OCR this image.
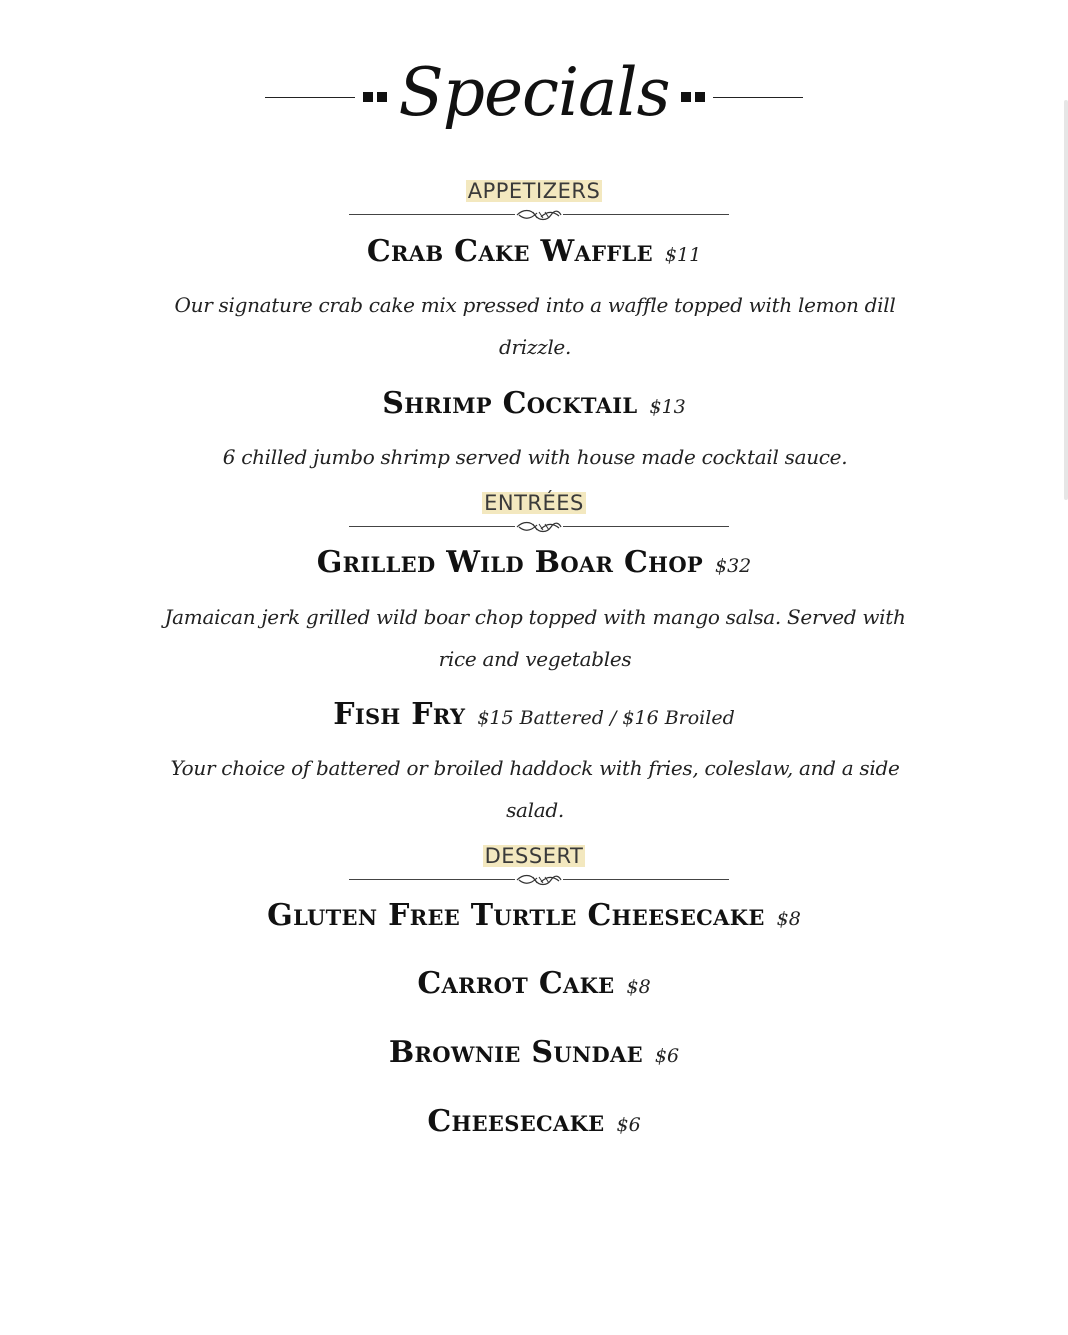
Specials
APPETIZERS
Crab Cake Waffle $11
Our signature crab cake mix pressed into a waffle topped with lemon dill drizzle.
Shrimp Cocktail $13
6 chilled jumbo shrimp served with house made cocktail sauce.
ENTRÉES
Grilled Wild Boar Chop $32
Jamaican jerk grilled wild boar chop topped with mango salsa. Served with rice and vegetables
Fish Fry $15 Battered / $16 Broiled
Your choice of battered or broiled haddock with fries, coleslaw, and a side salad.
DESSERT
Gluten Free Turtle Cheesecake $8
Carrot Cake $8
Brownie Sundae $6
Cheesecake $6
